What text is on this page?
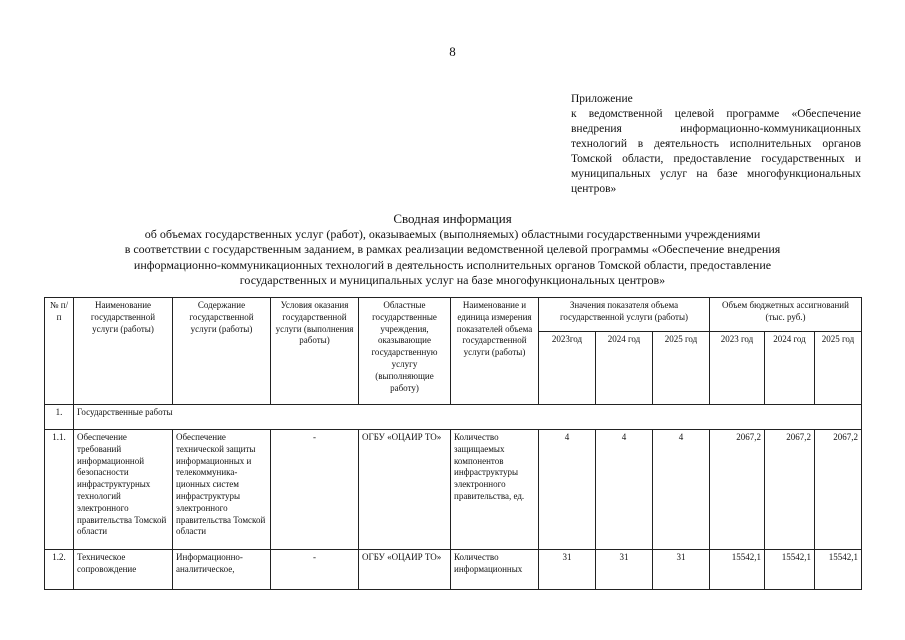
8
Приложение
к ведомственной целевой программе «Обеспечение внедрения информационно-коммуникационных технологий в деятельность исполнительных органов Томской области, предоставление государственных и муниципальных услуг на базе многофункциональных центров»
Сводная информация
об объемах государственных услуг (работ), оказываемых (выполняемых) областными государственными учреждениями
в соответствии с государственным заданием, в рамках реализации ведомственной целевой программы «Обеспечение внедрения
информационно-коммуникационных технологий в деятельность исполнительных органов Томской области, предоставление
государственных и муниципальных услуг на базе многофункциональных центров»
№ п/п	Наименование государственной услуги (работы)	Содержание государственной услуги (работы)	Условия оказания государственной услуги (выполнения работы)	Областные государственные учреждения, оказывающие государственную услугу (выполняющие работу)	Наименование и единица измерения показателей объема государственной услуги (работы)	Значения показателя объема государственной услуги (работы)			Объем бюджетных ассигнований (тыс. руб.)		
						2023год	2024 год	2025 год	2023 год	2024 год	2025 год
1.	Государственные работы										
1.1.	Обеспечение требований информационной безопасности инфраструктурных технологий электронного правительства Томской области	Обеспечение технической защиты информационных и телекоммуника-ционных систем инфраструктуры электронного правительства Томской области	-	ОГБУ «ОЦАИР ТО»	Количество защищаемых компонентов инфраструктуры электронного правительства, ед.	4	4	4	2067,2	2067,2	2067,2
1.2.	Техническое сопровождение	Информационно-аналитическое,	-	ОГБУ «ОЦАИР ТО»	Количество информационных	31	31	31	15542,1	15542,1	15542,1
